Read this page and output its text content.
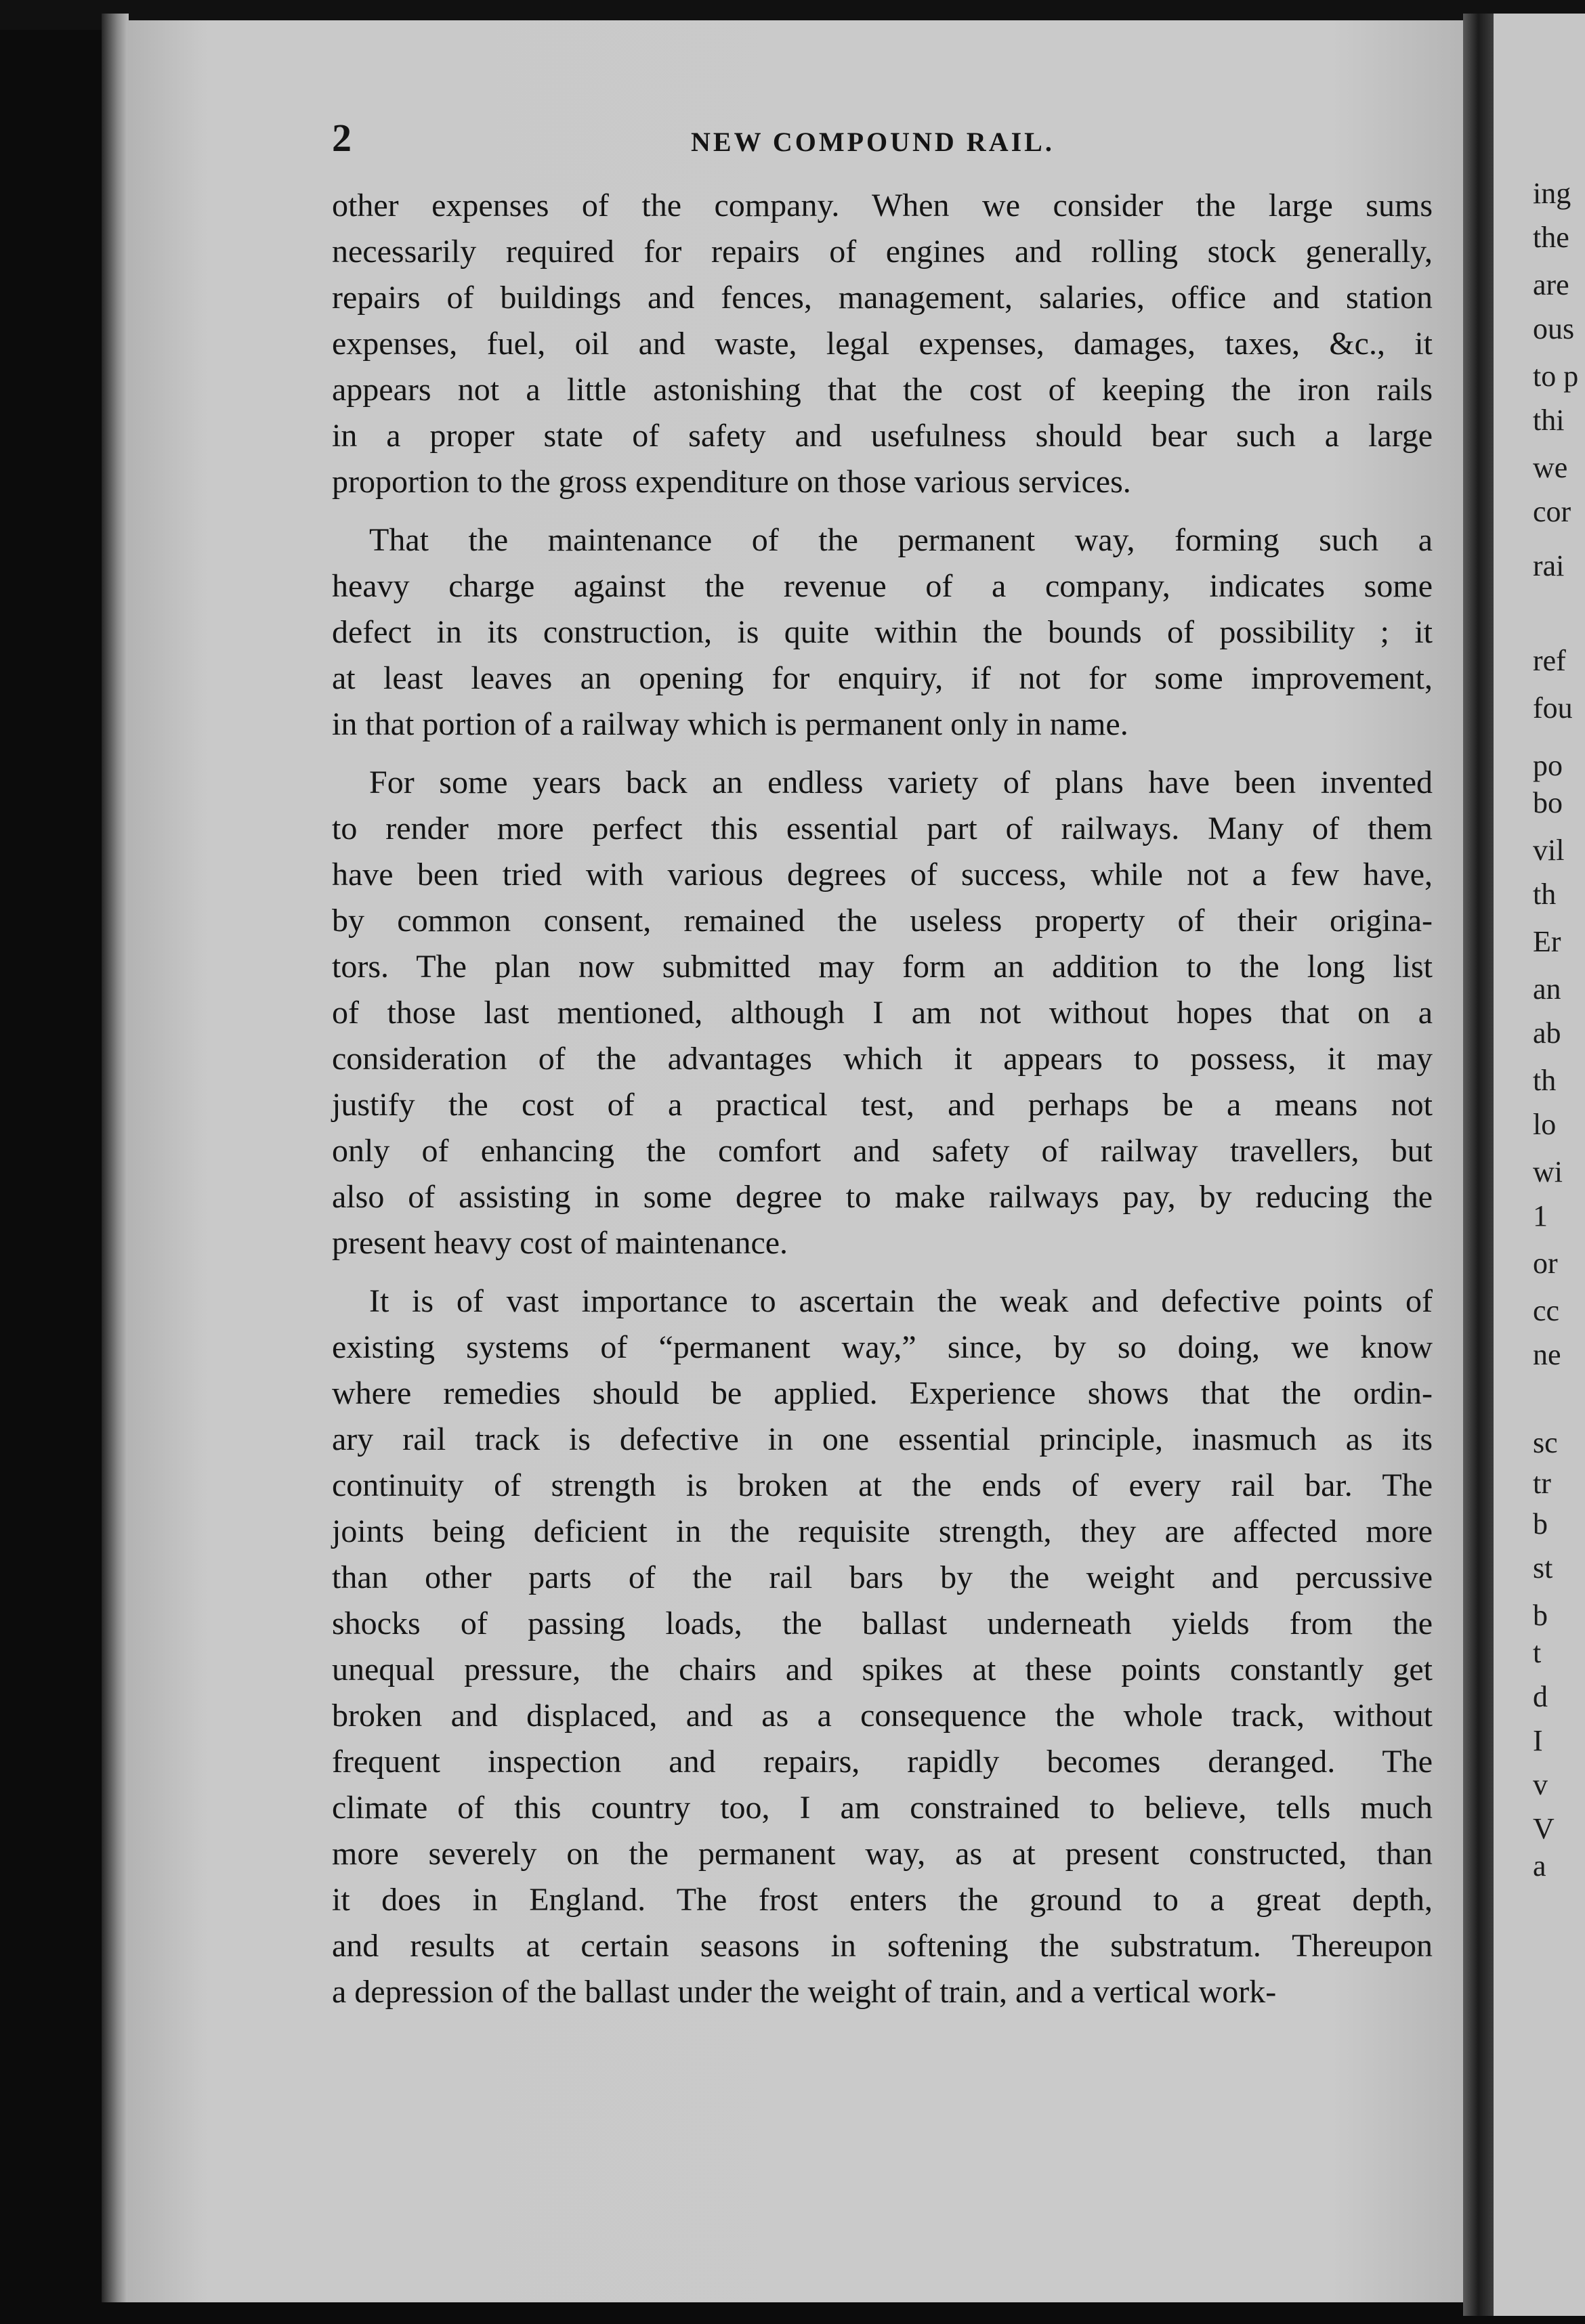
2	NEW COMPOUND RAIL.
other expenses of the company. When we consider the large sums
necessarily required for repairs of engines and rolling stock generally,
repairs of buildings and fences, management, salaries, office and station
expenses, fuel, oil and waste, legal expenses, damages, taxes, &c., it
appears not a little astonishing that the cost of keeping the iron rails
in a proper state of safety and usefulness should bear such a large
proportion to the gross expenditure on those various services.
That the maintenance of the permanent way, forming such a
heavy charge against the revenue of a company, indicates some
defect in its construction, is quite within the bounds of possibility ; it
at least leaves an opening for enquiry, if not for some improvement,
in that portion of a railway which is permanent only in name.
For some years back an endless variety of plans have been invented
to render more perfect this essential part of railways. Many of them
have been tried with various degrees of success, while not a few have,
by common consent, remained the useless property of their origina-
tors. The plan now submitted may form an addition to the long list
of those last mentioned, although I am not without hopes that on a
consideration of the advantages which it appears to possess, it may
justify the cost of a practical test, and perhaps be a means not
only of enhancing the comfort and safety of railway travellers, but
also of assisting in some degree to make railways pay, by reducing the
present heavy cost of maintenance.
It is of vast importance to ascertain the weak and defective points of
existing systems of “permanent way,” since, by so doing, we know
where remedies should be applied. Experience shows that the ordin-
ary rail track is defective in one essential principle, inasmuch as its
continuity of strength is broken at the ends of every rail bar. The
joints being deficient in the requisite strength, they are affected more
than other parts of the rail bars by the weight and percussive
shocks of passing loads, the ballast underneath yields from the
unequal pressure, the chairs and spikes at these points constantly get
broken and displaced, and as a consequence the whole track, without
frequent inspection and repairs, rapidly becomes deranged. The
climate of this country too, I am constrained to believe, tells much
more severely on the permanent way, as at present constructed, than
it does in England. The frost enters the ground to a great depth,
and results at certain seasons in softening the substratum. Thereupon
a depression of the ballast under the weight of train, and a vertical work-
ing
the
are
ous
to p
thi
we
cor
rai
ref
fou
po
bo
vil
th
Er
an
ab
th
lo
wi
1
or
cc
ne
sc
tr
b
st
b
t
d
I
v
V
a
